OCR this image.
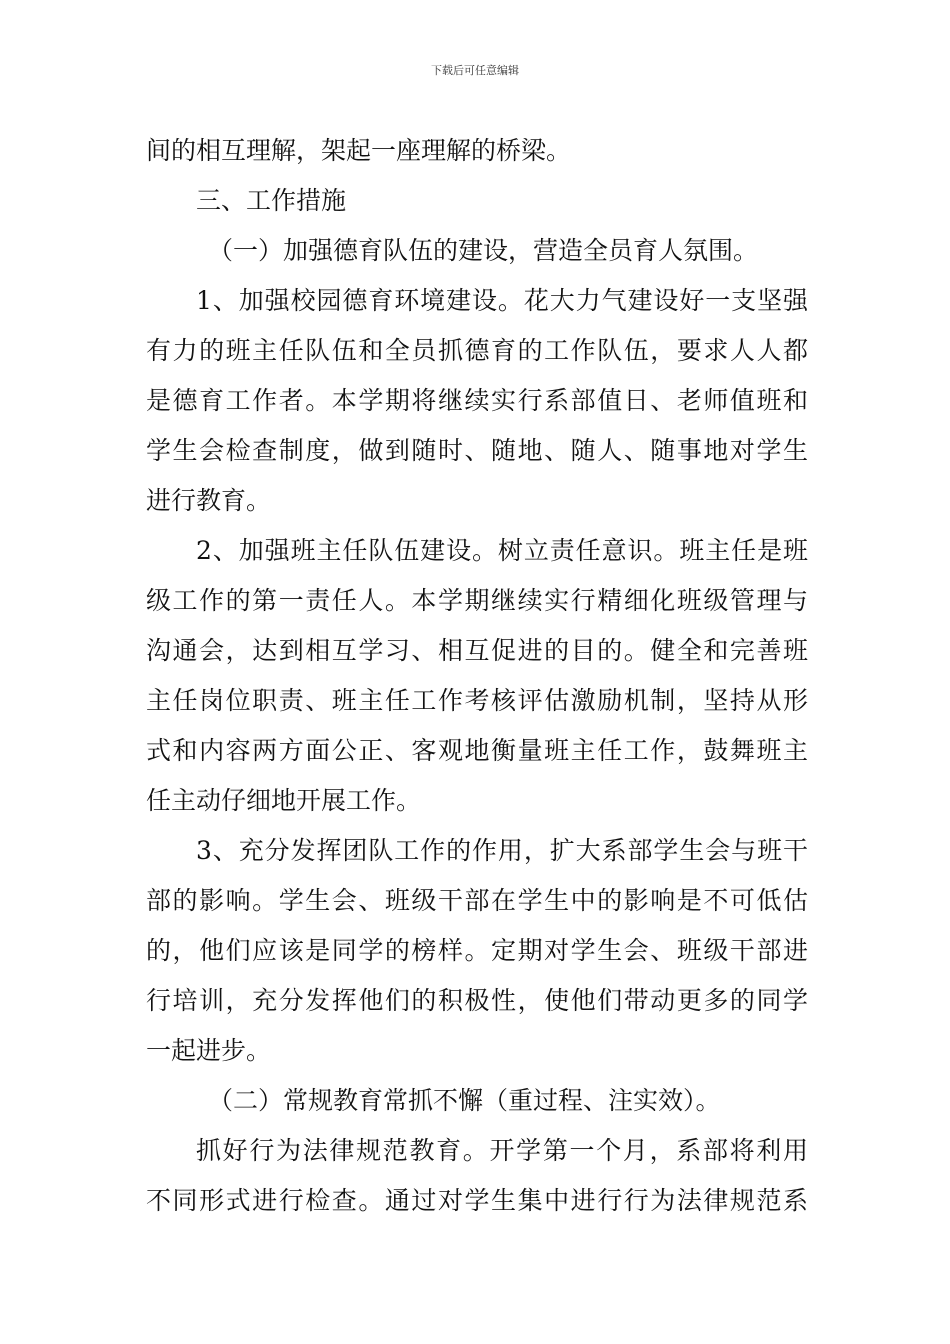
下载后可任意编辑
间的相互理解，架起一座理解的桥梁。
三、工作措施
（一）加强德育队伍的建设，营造全员育人氛围。
1、加强校园德育环境建设。花大力气建设好一支坚强
有力的班主任队伍和全员抓德育的工作队伍，要求人人都
是德育工作者。本学期将继续实行系部值日、老师值班和
学生会检查制度，做到随时、随地、随人、随事地对学生
进行教育。
2、加强班主任队伍建设。树立责任意识。班主任是班
级工作的第一责任人。本学期继续实行精细化班级管理与
沟通会，达到相互学习、相互促进的目的。健全和完善班
主任岗位职责、班主任工作考核评估激励机制，坚持从形
式和内容两方面公正、客观地衡量班主任工作，鼓舞班主
任主动仔细地开展工作。
3、充分发挥团队工作的作用，扩大系部学生会与班干
部的影响。学生会、班级干部在学生中的影响是不可低估
的，他们应该是同学的榜样。定期对学生会、班级干部进
行培训，充分发挥他们的积极性，使他们带动更多的同学
一起进步。
（二）常规教育常抓不懈（重过程、注实效）。
抓好行为法律规范教育。开学第一个月，系部将利用
不同形式进行检查。通过对学生集中进行行为法律规范系
